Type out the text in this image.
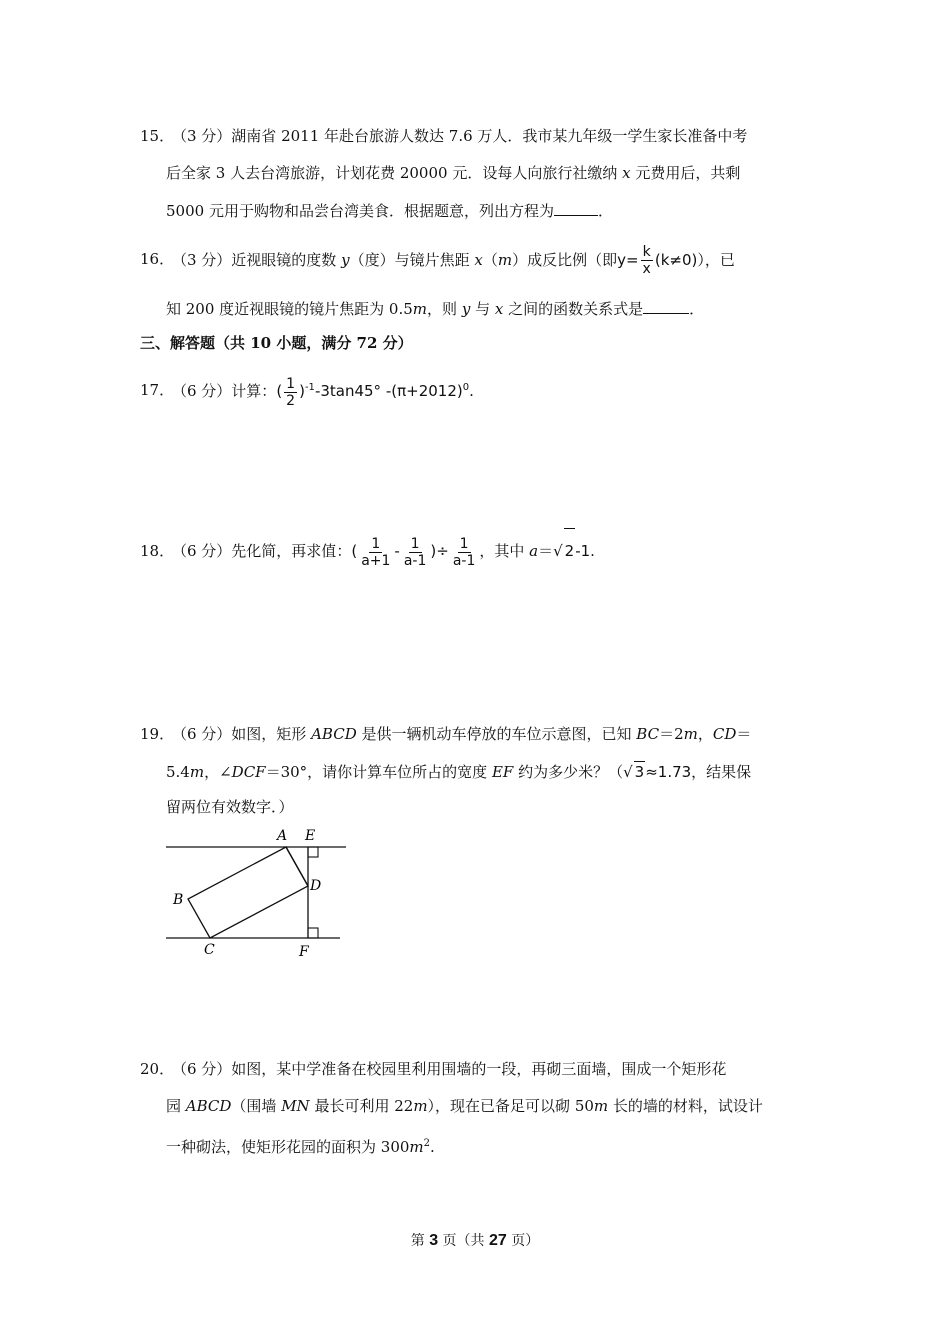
15．
（3 分）湖南省 2011 年赴台旅游人数达 7.6 万人．我市某九年级一学生家长准备中考
后全家 3 人去台湾旅游，计划花费 20000 元．设每人向旅行社缴纳 x 元费用后，共剩
5000 元用于购物和品尝台湾美食．根据题意，列出方程为	．
16．
（3 分）近视眼镜的度数 y（度）与镜片焦距 x（m）成反比例（即$y= \frac{k}{x} (k\ne 0)$），已
知 200 度近视眼镜的镜片焦距为 0.5m，则 y 与 x 之间的函数关系式是	．
三、解答题（共 10 小题，满分 72 分）
17．
（6 分）计算：( $\frac{1}{2} )^{-1}-3\tan 45^\circ$ $-(\pi+2012)^0$.
18．
（6 分）先化简，再求值：( $\frac{1}{a+1} - \frac{1}{a-1}$ )÷ $\frac{1}{a-1}$ ，其中 a＝√ 2-1.
19．
（6 分）如图，矩形 ABCD 是供一辆机动车停放的车位示意图，已知 BC＝2m，CD＝
5.4m，∠DCF＝30°，请你计算车位所占的宽度 EF 约为多少米？（√ 3≈1.73，结果保
留两位有效数字．）
A E
B
D
C	F
20．
（6 分）如图，某中学准备在校园里利用围墙的一段，再砌三面墙，围成一个矩形花
园 ABCD（围墙 MN 最长可利用 22m），现在已备足可以砌 50m 长的墙的材料，试设计
一种砌法，使矩形花园的面积为 $300m^2$.
第 3 页（共 27 页）
